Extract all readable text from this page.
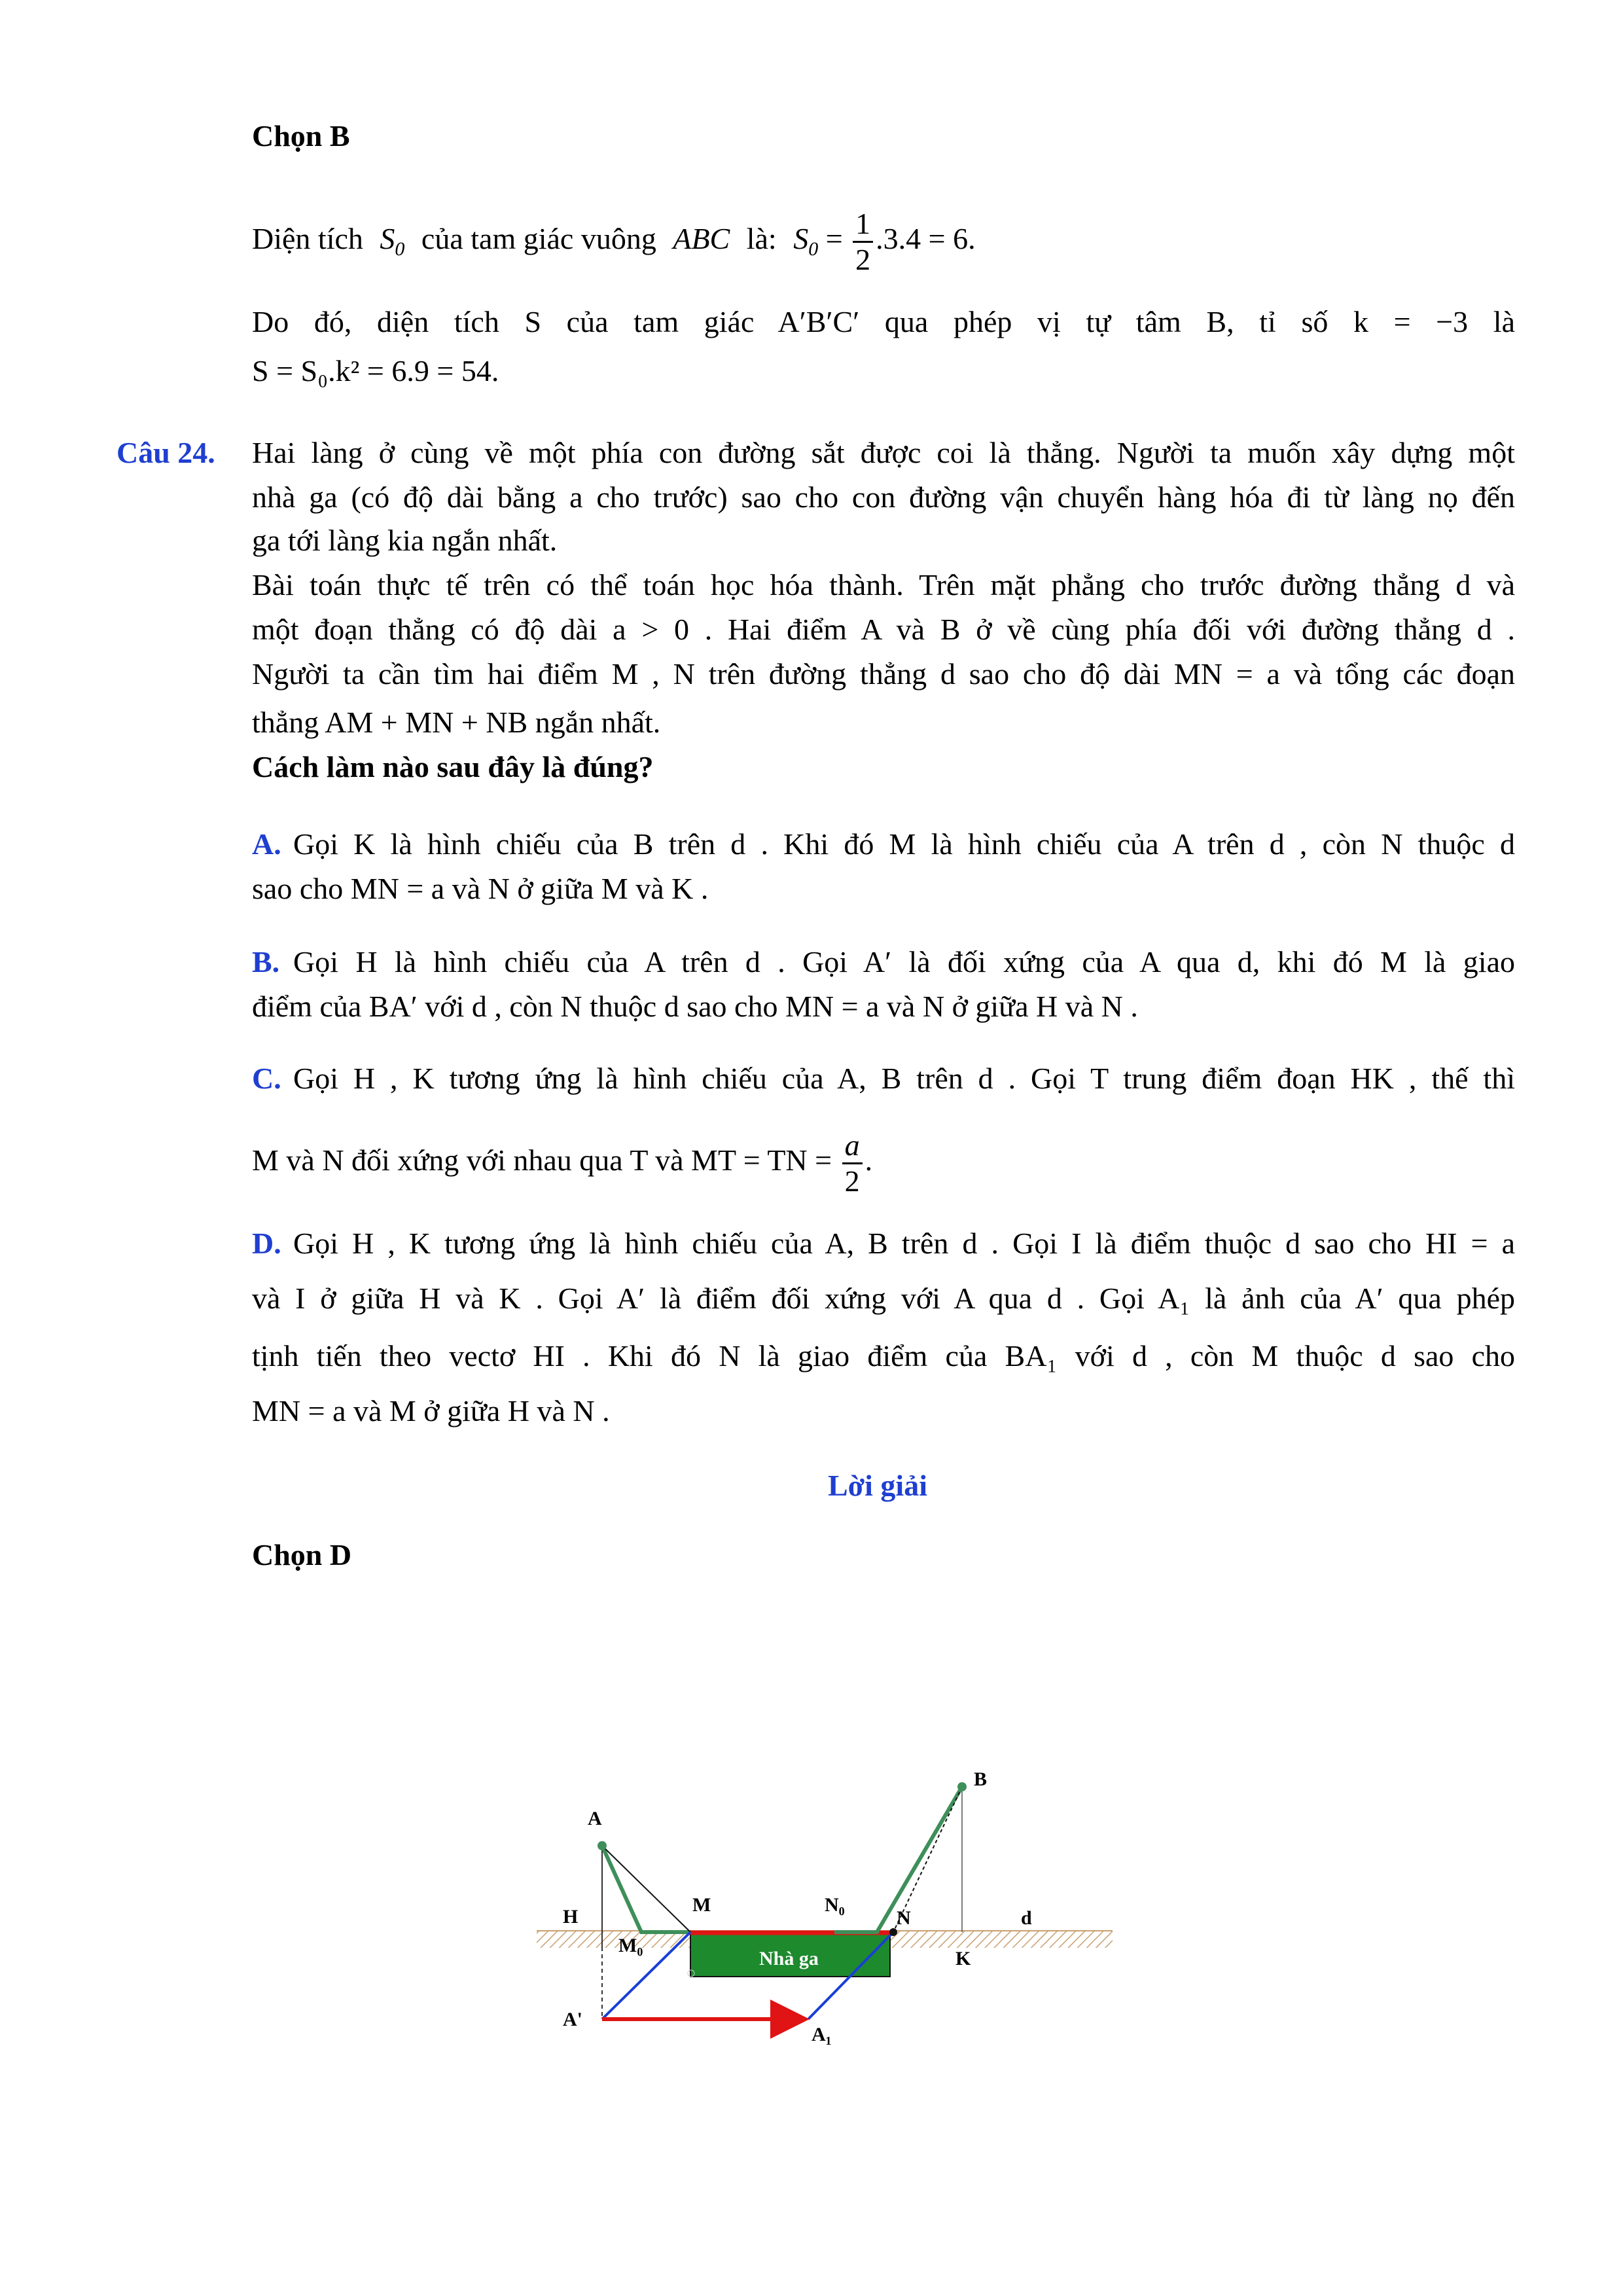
Chọn B
Diện tích $S_0$ của tam giác vuông ABC là: $S_0 = \frac{1}{2} .3.4 = 6$.
Do đó, diện tích S của tam giác A′B′C′ qua phép vị tự tâm B, tỉ số k = −3 là
S = S₀.k² = 6.9 = 54.
Câu 24. Hai làng ở cùng về một phía con đường sắt được coi là thẳng. Người ta muốn xây dựng một
nhà ga (có độ dài bằng a cho trước) sao cho con đường vận chuyển hàng hóa đi từ làng nọ đến
ga tới làng kia ngắn nhất.
Bài toán thực tế trên có thể toán học hóa thành. Trên mặt phẳng cho trước đường thẳng d và
một đoạn thẳng có độ dài a > 0 . Hai điểm A và B ở về cùng phía đối với đường thẳng d .
Người ta cần tìm hai điểm M , N trên đường thẳng d sao cho độ dài MN = a và tổng các đoạn
thẳng AM + MN + NB ngắn nhất.
Cách làm nào sau đây là đúng?
A. Gọi K là hình chiếu của B trên d . Khi đó M là hình chiếu của A trên d , còn N thuộc d
sao cho MN = a và N ở giữa M và K .
B. Gọi H là hình chiếu của A trên d . Gọi A′ là đối xứng của A qua d, khi đó M là giao
điểm của BA′ với d , còn N thuộc d sao cho MN = a và N ở giữa H và N .
C. Gọi H , K tương ứng là hình chiếu của A, B trên d . Gọi T trung điểm đoạn HK , thế thì
M và N đối xứng với nhau qua T và MT = TN = $\frac{a}{2}$ .
D. Gọi H , K tương ứng là hình chiếu của A, B trên d . Gọi I là điểm thuộc d sao cho HI = a
và I ở giữa H và K . Gọi A′ là điểm đối xứng với A qua d . Gọi A₁ là ảnh của A′ qua phép
tịnh tiến theo vectơ HI . Khi đó N là giao điểm của BA₁ với d , còn M thuộc d sao cho
MN = a và M ở giữa H và N .
Lời giải
Chọn D
Nhà ga
A
B
H
M
M₀
N₀
N	d
K
A'
A₁
